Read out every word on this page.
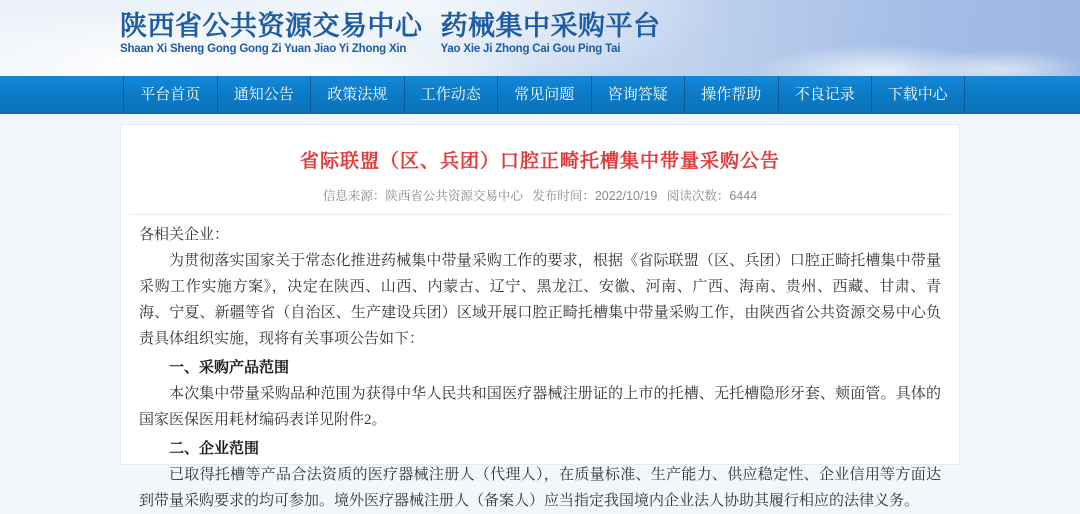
陕西省公共资源交易中心
Shaan Xi Sheng Gong Gong Zi Yuan Jiao Yi Zhong Xin
药械集中采购平台
Yao Xie Ji Zhong Cai Gou Ping Tai
平台首页	通知公告	政策法规	工作动态	常见问题	咨询答疑	操作帮助	不良记录	下载中心
省际联盟（区、兵团）口腔正畸托槽集中带量采购公告
信息来源：陕西省公共资源交易中心 发布时间：2022/10/19 阅读次数：6444

各相关企业：

为贯彻落实国家关于常态化推进药械集中带量采购工作的要求，根据《省际联盟（区、兵团）口腔正畸托槽集中带量采购工作实施方案》，决定在陕西、山西、内蒙古、辽宁、黑龙江、安徽、河南、广西、海南、贵州、西藏、甘肃、青海、宁夏、新疆等省（自治区、生产建设兵团）区域开展口腔正畸托槽集中带量采购工作，由陕西省公共资源交易中心负责具体组织实施，现将有关事项公告如下：

一、采购产品范围

本次集中带量采购品种范围为获得中华人民共和国医疗器械注册证的上市的托槽、无托槽隐形牙套、颊面管。具体的国家医保医用耗材编码表详见附件2。

二、企业范围

已取得托槽等产品合法资质的医疗器械注册人（代理人），在质量标准、生产能力、供应稳定性、企业信用等方面达到带量采购要求的均可参加。境外医疗器械注册人（备案人）应当指定我国境内企业法人协助其履行相应的法律义务。
